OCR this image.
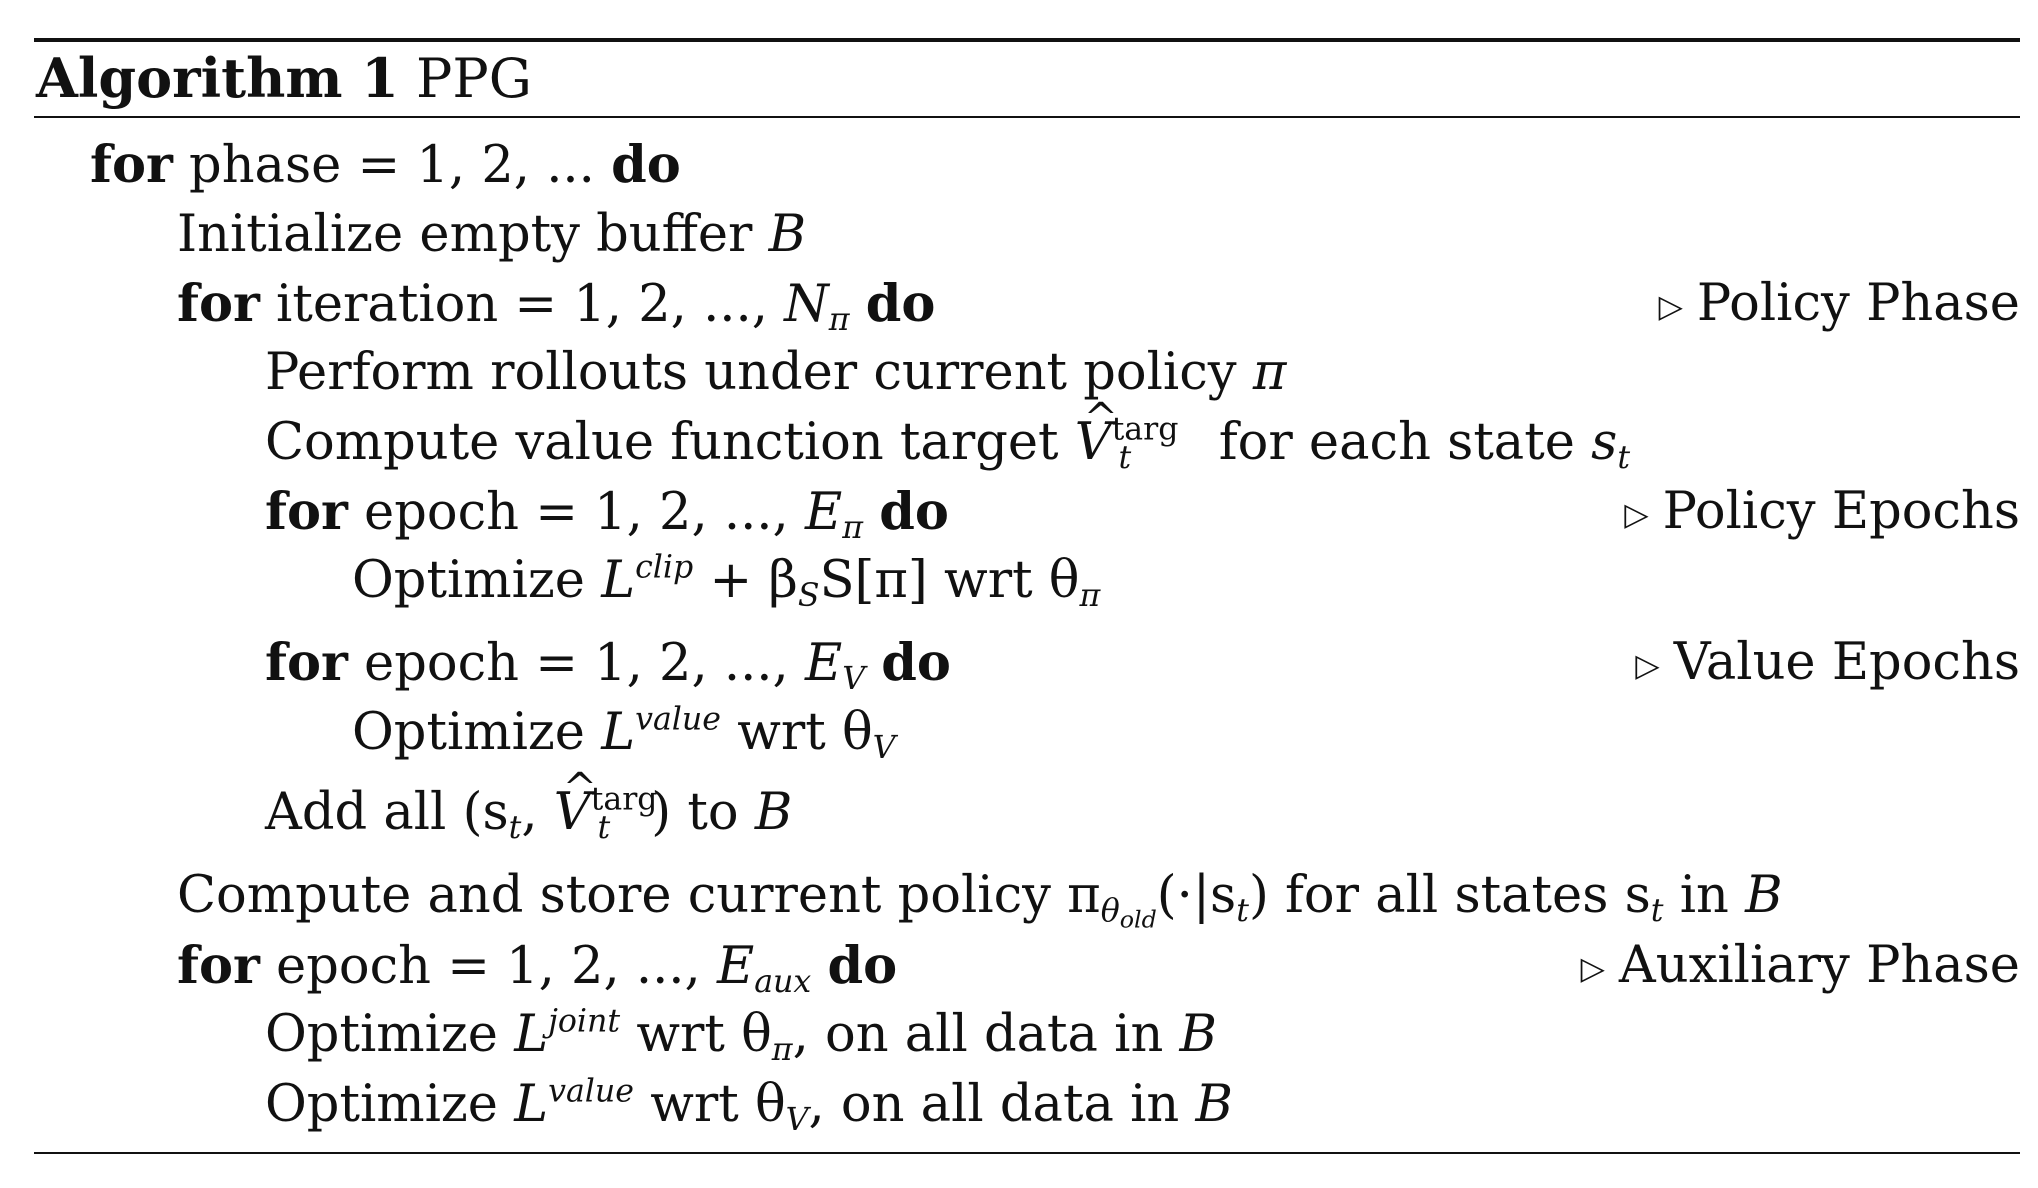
Algorithm 1 PPG
for phase = 1, 2, ... do
Initialize empty buffer B
for iteration = 1, 2, ..., $N_\pi$ do	▷ Policy Phase
Perform rollouts under current policy π
Compute value function target ^ $V^{targ}_t$ for each state $s_t$
for epoch = 1, 2, ..., $E_\pi$ do	▷ Policy Epochs
Optimize $L^{clip} + \beta_SS[\pi]$ wrt $\theta_\pi$
for epoch = 1, 2, ..., $E_V$ do	▷ Value Epochs
Optimize $L^{value}$ wrt $\theta_V$
Add all ($s_t$, ^ $V^{targ}_t$ ) to B
Compute and store current policy $\pi_{\theta_{old}}(\cdot|s_t)$ for all states $s_t$ in B
for epoch = 1, 2, ..., $E_{aux}$ do	▷ Auxiliary Phase
Optimize $L^{joint}$ wrt $\theta_\pi$, on all data in B
Optimize $L^{value}$ wrt $\theta_V$, on all data in B
